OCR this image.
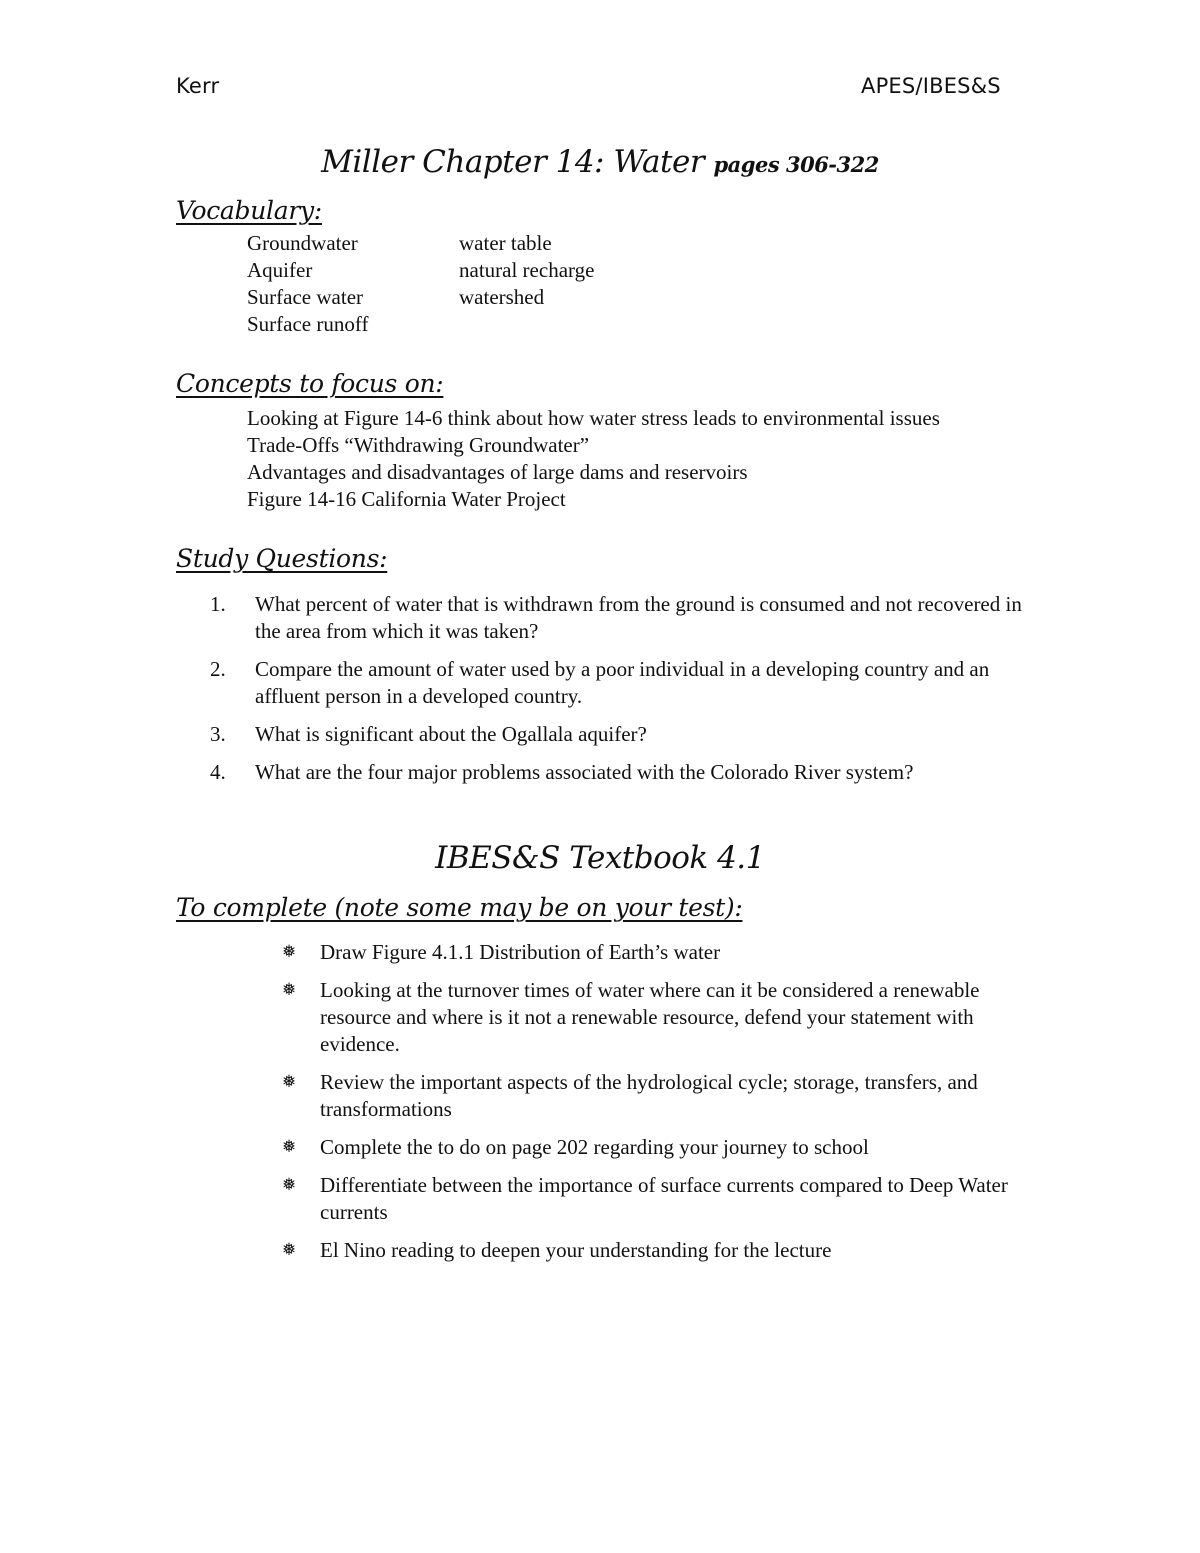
Kerr	APES/IBES&S
Miller Chapter 14: Water pages 306-322
Vocabulary:
Groundwater	water table
Aquifer	natural recharge
Surface water	watershed
Surface runoff
Concepts to focus on:
Looking at Figure 14-6 think about how water stress leads to environmental issues
Trade-Offs “Withdrawing Groundwater”
Advantages and disadvantages of large dams and reservoirs
Figure 14-16 California Water Project
Study Questions:
1.	What percent of water that is withdrawn from the ground is consumed and not recovered in the area from which it was taken?
2.	Compare the amount of water used by a poor individual in a developing country and an affluent person in a developed country.
3.	What is significant about the Ogallala aquifer?
4.	What are the four major problems associated with the Colorado River system?
IBES&S Textbook 4.1
To complete (note some may be on your test):
❅	Draw Figure 4.1.1 Distribution of Earth’s water
❅	Looking at the turnover times of water where can it be considered a renewable resource and where is it not a renewable resource, defend your statement with evidence.
❅	Review the important aspects of the hydrological cycle; storage, transfers, and transformations
❅	Complete the to do on page 202 regarding your journey to school
❅	Differentiate between the importance of surface currents compared to Deep Water currents
❅	El Nino reading to deepen your understanding for the lecture
